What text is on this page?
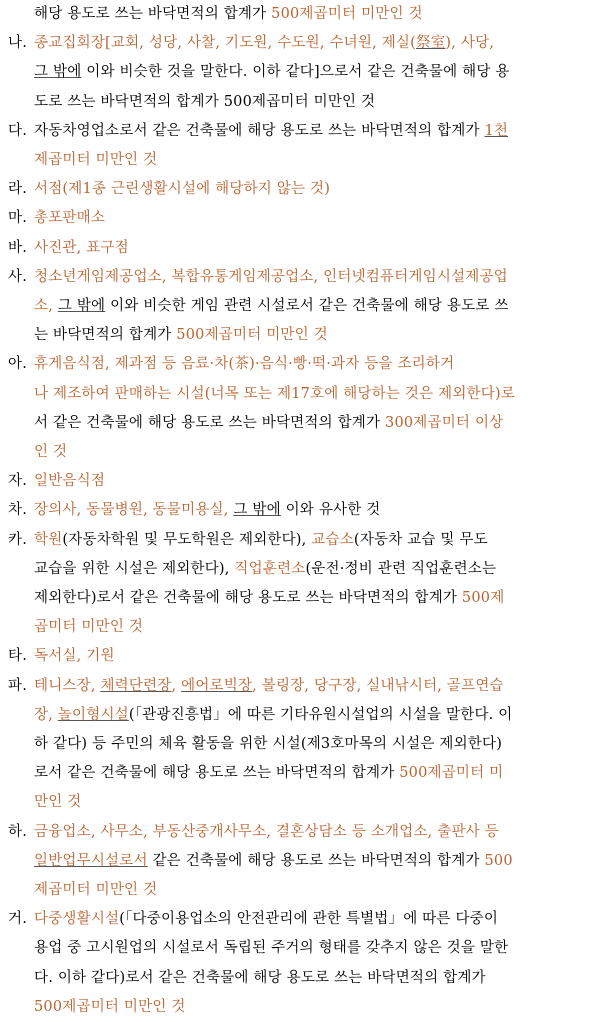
해당 용도로 쓰는 바닥면적의 합계가 500제곱미터 미만인 것
나. 종교집회장[교회, 성당, 사찰, 기도원, 수도원, 수녀원, 제실(祭室), 사당,
그 밖에 이와 비슷한 것을 말한다. 이하 같다]으로서 같은 건축물에 해당 용
도로 쓰는 바닥면적의 합계가 500제곱미터 미만인 것
다. 자동차영업소로서 같은 건축물에 해당 용도로 쓰는 바닥면적의 합계가 1천
제곱미터 미만인 것
라. 서점(제1종 근린생활시설에 해당하지 않는 것)
마. 총포판매소
바. 사진관, 표구점
사. 청소년게임제공업소, 복합유통게임제공업소, 인터넷컴퓨터게임시설제공업
소, 그 밖에 이와 비슷한 게임 관련 시설로서 같은 건축물에 해당 용도로 쓰
는 바닥면적의 합계가 500제곱미터 미만인 것
아. 휴게음식점, 제과점 등 음료·차(茶)·음식·빵·떡·과자 등을 조리하거
나 제조하여 판매하는 시설(너목 또는 제17호에 해당하는 것은 제외한다)로
서 같은 건축물에 해당 용도로 쓰는 바닥면적의 합계가 300제곱미터 이상
인 것
자. 일반음식점
차. 장의사, 동물병원, 동물미용실, 그 밖에 이와 유사한 것
카. 학원(자동차학원 및 무도학원은 제외한다), 교습소(자동차 교습 및 무도
교습을 위한 시설은 제외한다), 직업훈련소(운전·정비 관련 직업훈련소는
제외한다)로서 같은 건축물에 해당 용도로 쓰는 바닥면적의 합계가 500제
곱미터 미만인 것
타. 독서실, 기원
파. 테니스장, 체력단련장, 에어로빅장, 볼링장, 당구장, 실내낚시터, 골프연습
장, 놀이형시설(「관광진흥법」에 따른 기타유원시설업의 시설을 말한다. 이
하 같다) 등 주민의 체육 활동을 위한 시설(제3호마목의 시설은 제외한다)
로서 같은 건축물에 해당 용도로 쓰는 바닥면적의 합계가 500제곱미터 미
만인 것
하. 금융업소, 사무소, 부동산중개사무소, 결혼상담소 등 소개업소, 출판사 등
일반업무시설로서 같은 건축물에 해당 용도로 쓰는 바닥면적의 합계가 500
제곱미터 미만인 것
거. 다중생활시설(「다중이용업소의 안전관리에 관한 특별법」에 따른 다중이
용업 중 고시원업의 시설로서 독립된 주거의 형태를 갖추지 않은 것을 말한
다. 이하 같다)로서 같은 건축물에 해당 용도로 쓰는 바닥면적의 합계가
500제곱미터 미만인 것
